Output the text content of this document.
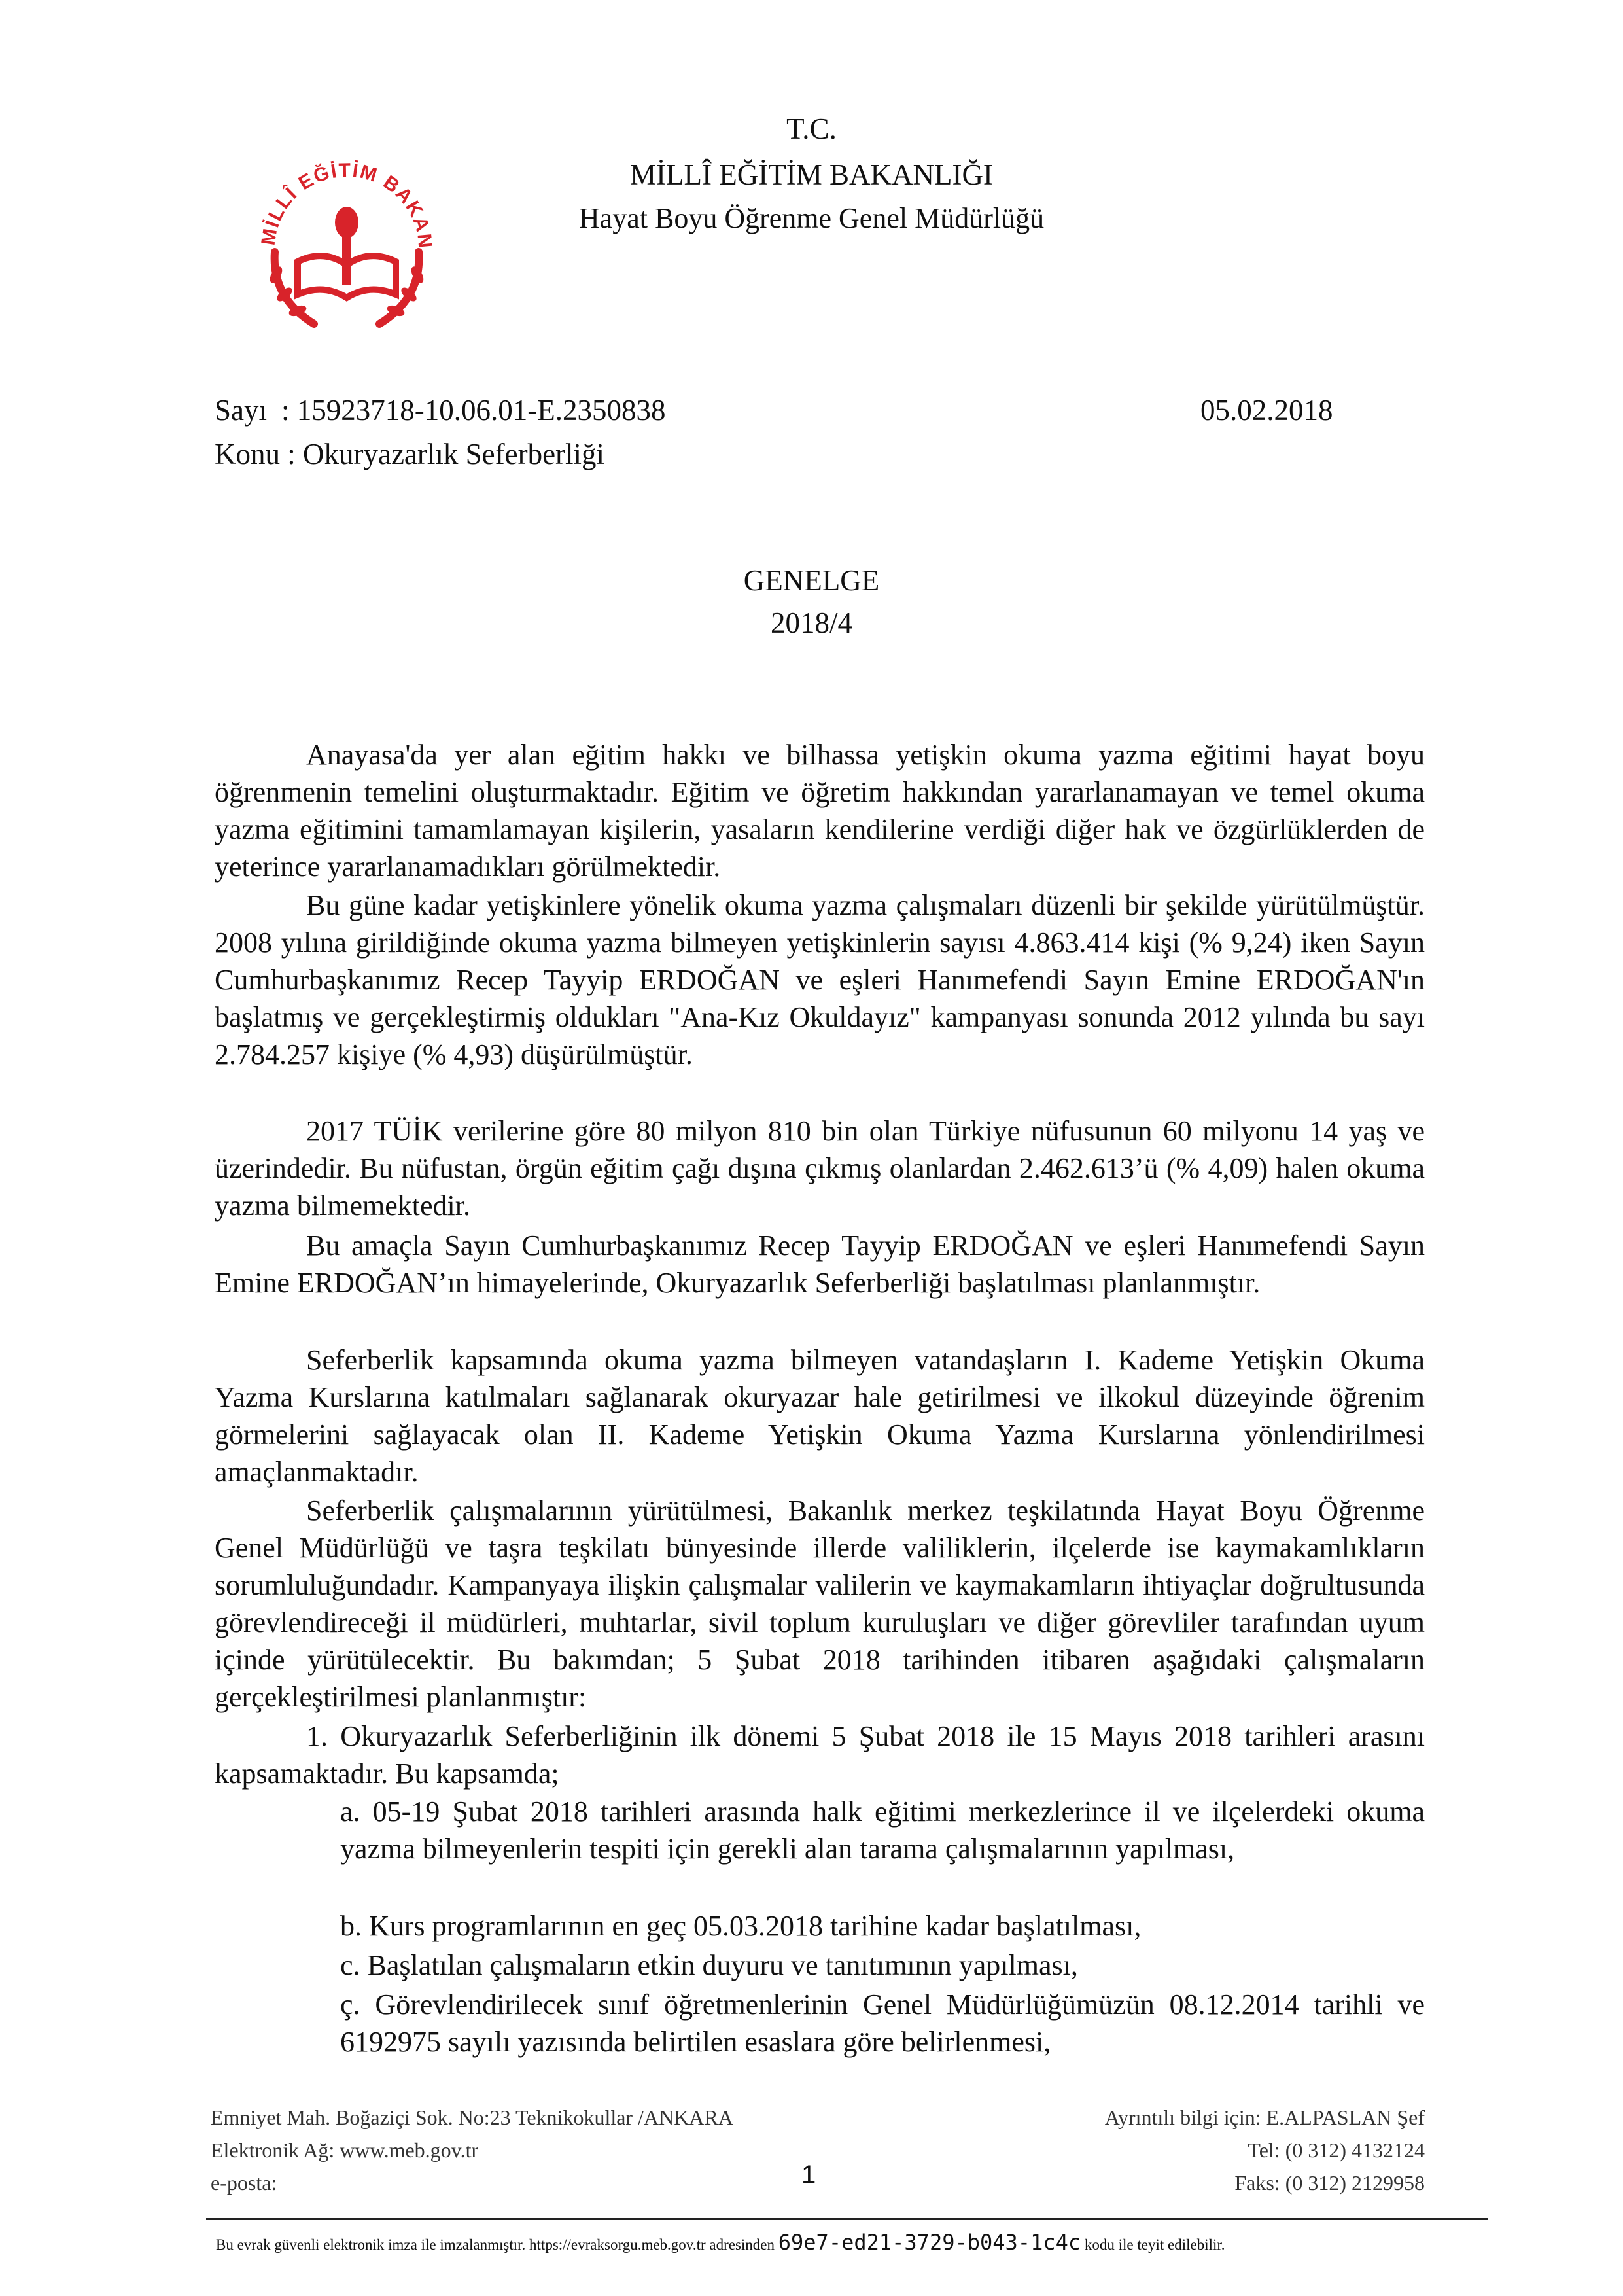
MİLLÎ EĞİTİM BAKAN
T.C.
MİLLÎ EĞİTİM BAKANLIĞI
Hayat Boyu Öğrenme Genel Müdürlüğü
Sayı : 15923718-10.06.01-E.2350838	05.02.2018
Konu : Okuryazarlık Seferberliği
GENELGE
2018/4

Anayasa'da yer alan eğitim hakkı ve bilhassa yetişkin okuma yazma eğitimi hayat boyu öğrenmenin temelini oluşturmaktadır. Eğitim ve öğretim hakkından yararlanamayan ve temel okuma yazma eğitimini tamamlamayan kişilerin, yasaların kendilerine verdiği diğer hak ve özgürlüklerden de yeterince yararlanamadıkları görülmektedir.

Bu güne kadar yetişkinlere yönelik okuma yazma çalışmaları düzenli bir şekilde yürütülmüştür. 2008 yılına girildiğinde okuma yazma bilmeyen yetişkinlerin sayısı 4.863.414 kişi (% 9,24) iken Sayın Cumhurbaşkanımız Recep Tayyip ERDOĞAN ve eşleri Hanımefendi Sayın Emine ERDOĞAN'ın başlatmış ve gerçekleştirmiş oldukları "Ana-Kız Okuldayız" kampanyası sonunda 2012 yılında bu sayı 2.784.257 kişiye (% 4,93) düşürülmüştür.

2017 TÜİK verilerine göre 80 milyon 810 bin olan Türkiye nüfusunun 60 milyonu 14 yaş ve üzerindedir. Bu nüfustan, örgün eğitim çağı dışına çıkmış olanlardan 2.462.613’ü (% 4,09) halen okuma yazma bilmemektedir.

Bu amaçla Sayın Cumhurbaşkanımız Recep Tayyip ERDOĞAN ve eşleri Hanımefendi Sayın Emine ERDOĞAN’ın himayelerinde, Okuryazarlık Seferberliği başlatılması planlanmıştır.

Seferberlik kapsamında okuma yazma bilmeyen vatandaşların I. Kademe Yetişkin Okuma Yazma Kurslarına katılmaları sağlanarak okuryazar hale getirilmesi ve ilkokul düzeyinde öğrenim görmelerini sağlayacak olan II. Kademe Yetişkin Okuma Yazma Kurslarına yönlendirilmesi amaçlanmaktadır.

Seferberlik çalışmalarının yürütülmesi, Bakanlık merkez teşkilatında Hayat Boyu Öğrenme Genel Müdürlüğü ve taşra teşkilatı bünyesinde illerde valiliklerin, ilçelerde ise kaymakamlıkların sorumluluğundadır. Kampanyaya ilişkin çalışmalar valilerin ve kaymakamların ihtiyaçlar doğrultusunda görevlendireceği il müdürleri, muhtarlar, sivil toplum kuruluşları ve diğer görevliler tarafından uyum içinde yürütülecektir. Bu bakımdan; 5 Şubat 2018 tarihinden itibaren aşağıdaki çalışmaların gerçekleştirilmesi planlanmıştır:

1. Okuryazarlık Seferberliğinin ilk dönemi 5 Şubat 2018 ile 15 Mayıs 2018 tarihleri arasını kapsamaktadır. Bu kapsamda;

a. 05-19 Şubat 2018 tarihleri arasında halk eğitimi merkezlerince il ve ilçelerdeki okuma yazma bilmeyenlerin tespiti için gerekli alan tarama çalışmalarının yapılması,

b. Kurs programlarının en geç 05.03.2018 tarihine kadar başlatılması,

c. Başlatılan çalışmaların etkin duyuru ve tanıtımının yapılması,

ç. Görevlendirilecek sınıf öğretmenlerinin Genel Müdürlüğümüzün 08.12.2014 tarihli ve 6192975 sayılı yazısında belirtilen esaslara göre belirlenmesi,

Emniyet Mah. Boğaziçi Sok. No:23 Teknikokullar /ANKARA
Elektronik Ağ: www.meb.gov.tr
e-posta:	1
Ayrıntılı bilgi için: E.ALPASLAN Şef
Tel: (0 312) 4132124
Faks: (0 312) 2129958
Bu evrak güvenli elektronik imza ile imzalanmıştır. https://evraksorgu.meb.gov.tr adresinden 69e7-ed21-3729-b043-1c4c kodu ile teyit edilebilir.
